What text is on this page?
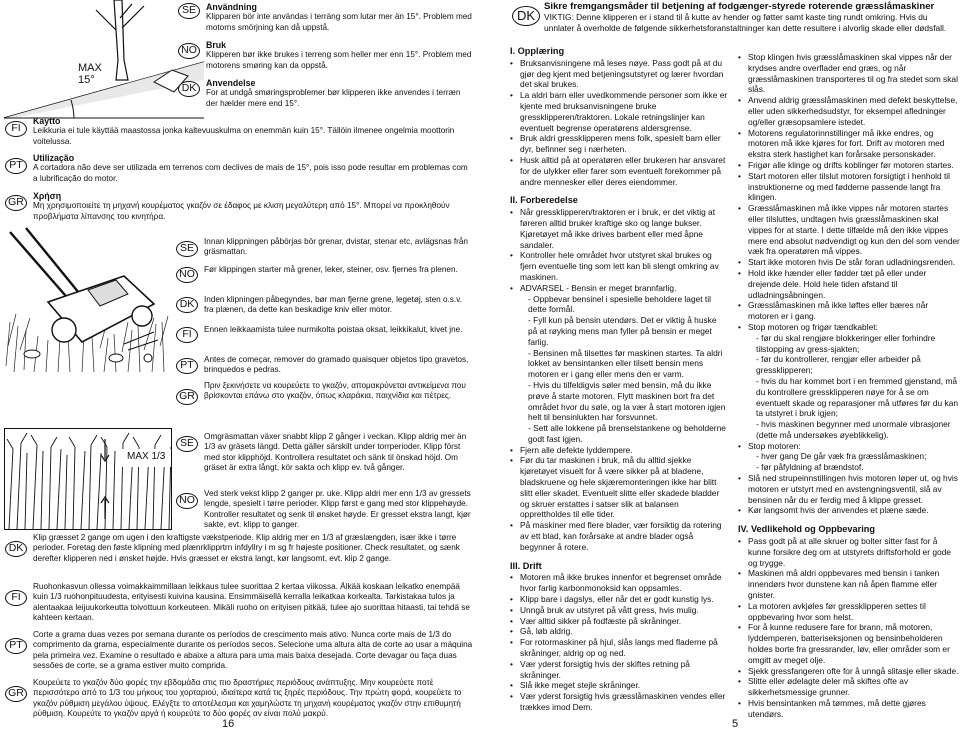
MAX
15°
SE	Användning
Klipparen bör inte användas i terräng som lutar mer än 15°. Problem med motorns smörjning kan då uppstå.
NO	Bruk
Klipperen bør ikke brukes i terreng som heller mer enn 15°. Problem med motorens smøring kan da oppstå.
DK	Anvendelse
For at undgå smøringsproblemer bør klipperen ikke anvendes i terræn der hælder mere end 15°.
FI
Käyttö
Leikkuria ei tule käyttää maastossa jonka kaltevuuskulma on enemmän kuin 15°. Tällöin ilmenee ongelmia moottorin voitelussa.
PT
Utilização
A cortadora não deve ser utilizada em terrenos com declives de mais de 15°, pois isso pode resultar em problemas com a lubrificação do motor.
GR	Χρήση
Μη χρησιμοποιείτε τη μηχανή κουρέματος γκαζόν σε έδαφος με κλιση μεγαλύτερη από 15°. Μπορεί να προκληθούν προβλήματα λίπανσης του κινητήρα.
SE
Innan klippningen påbörjas bör grenar, dvistar, stenar etc, avlägsnas från gräsmattan.
NO	Før klippingen starter må grener, leker, steiner, osv. fjernes fra plenen.
DK	Inden klipningen påbegyndes, bør man fjerne grene, legetøj, sten o.s.v. fra plænen, da dette kan beskadige kniv eller motor.
FI	Ennen leikkaamista tulee nurmikolta poistaa oksat, leikkikalut, kivet jne.
PT	Antes de começar, remover do gramado quaisquer objetos tipo gravetos, brinquedos e pedras.
GR
Πριν ξεκινήσετε να κουρεύετε το γκαζόν, απομακρύνεται αντικείμενα που βρίσκονται επάνω στο γκαζόν, όπως κλαράκια, παιχνίδια και πέτρες.
MAX 1/3
SE
Omgräsmattan växer snabbt klipp 2 gånger i veckan. Klipp aldrig mer än 1/3 av gräsets längd. Detta gäller särskilt under torrperioder. Klipp först med stor klipphöjd. Kontrollera resultatet och sänk til önskad höjd. Om gräset är extra långt, kör sakta och klipp ev. två gånger.
NO
Ved sterk vekst klipp 2 ganger pr. uke. Klipp aldri mer enn 1/3 av gressets lengde, spesielt i tørre perioder. Klipp først e gang med stor klippehøyde. Kontroller resultatet og senk til ønsket høyde. Er gresset ekstra langt, kjør sakte, evt. klipp to ganger.
DK
Klip græsset 2 gange om ugen i den kraftigste vækstperiode. Klip aldrig mer en 1/3 af græslængden, især ikke i tørre perioder. Foretag den føste klipning med plænrklipprtrn infdyllry i m sg fr højeste positioner. Check resultatet, og sænk derefter klipperen ned i ønsket højde. Hvis græsset er ekstra langt, kør langsomt, evt. klip 2 gange.
FI
Ruohonkasvun ollessa voimakkaimmillaan leikkaus tulee suorittaa 2 kertaa viikossa. Älkää koskaan leikatko enempää kuin 1/3 ruohonpituudesta, erityisesti kuivina kausina. Ensimmäisellä kerralla leikatkaa korkealta. Tarkistakaa tulos ja alentaakaa leijuukorkeutta toivottuun korkeuteen. Mikäli ruoho on erityisen pitkää, tulee ajo suorittaa hitaasti, tai tehdä se kahteen kertaan.
PT
Corte a grama duas vezes por semana durante os períodos de crescimento mais ativo. Nunca corte mais de 1/3 do comprimento da grama, especialmente durante os períodos secos. Selecione uma altura alta de corte ao usar a máquina pela primeira vez. Examine o resultado e abaixe a altura para uma mais baixa desejada. Corte devagar ou faça duas sessões de corte, se a grama estiver muito comprida.
GR
Κουρεύετε το γκαζόν δύο φορές την εβδομάδα στις πιο δραστήριες περιόδους ανάπτυξης. Μην κουρεύετε ποτέ περισσότερο από το 1/3 του μήκους του χορταριού, ιδιαίτερα κατά τις ξηρές περιόδους. Την πρώτη φορά, κουρεύετε το γκαζόν ρύθμιση μεγάλου ύψους. Ελέγξτε το αποτέλεσμα και χαμηλώστε τη μηχανή κουρέματος γκαζόν στην επιθυμητή ρύθμιση. Κουρεύτε το γκαζόν αργά ή κουρεύτε το δύο φορές αν είναι πολύ μακρύ.
16
DK
Sikre fremgangsmåder til betjening af fodgænger-styrede roterende græsslåmaskiner
VIKTIG: Denne klipperen er i stand til å kutte av hender og føtter samt kaste ting rundt omkring. Hvis du unnlater å overholde de følgende sikkerhetsforanstaltninger kan dette resultere i alvorlig skade eller dødsfall.
I. Opplæring
• Bruksanvisningene må leses nøye. Pass godt på at du gjør deg kjent med betjeningsutstyret og lærer hvordan det skal brukes.
• La aldri barn eller uvedkommende personer som ikke er kjente med bruksanvisningene bruke gressklipperen/traktoren. Lokale retningslinjer kan eventuelt begrense operatørens aldersgrense.
• Bruk aldri gressklipperen mens folk, spesielt barn eller dyr, befinner seg i nærheten.
• Husk alltid på at operatøren eller brukeren har ansvaret for de ulykker eller farer som eventuelt forekommer på andre mennesker eller deres eiendommer.
II. Forberedelse
• Når gressklipperen/traktoren er i bruk, er det viktig at føreren alltid bruker kraftige sko og lange bukser. Kjøretøyet må ikke drives barbent eller med åpne sandaler.
• Kontroller hele området hvor utstyret skal brukes og fjern eventuelle ting som lett kan bli slengt omkring av maskinen.
• ADVARSEL - Bensin er meget brannfarlig.
- Oppbevar bensinel i spesielle beholdere laget til dette formål.
- Fyll kun på bensin utendørs. Det er viktig å huske på at røyking mens man fyller på bensin er meget farlig.
- Bensinen må tilsettes før maskinen startes. Ta aldri lokket av bensintanken eller tilsett bensin mens motoren er i gang eller mens den er varm.
- Hvis du tilfeldigvis søler med bensin, må du ikke prøve å starte motoren. Flytt maskinen bort fra det området hvor du søle, og la vær å start motoren igjen helt til bensinlukten har forsvunnet.
- Sett alle lokkene på brenselstankene og beholderne godt fast igjen.
• Fjern alle defekte lyddempere.
• Før du tar maskinen i bruk, må du alltid sjekke kjøretøyet visuelt for å være sikker på at bladene, bladskruene og hele skjæremonteringen ikke har blitt slitt eller skadet. Eventuelt slitte eller skadede bladder og skruer erstattes i satser slik at balansen opprettholdes til elle tider.
• På maskiner med flere blader, vær forsiktig da rotering av ett blad, kan forårsake at andre blader også begynner å rotere.
III. Drift
• Motoren må ikke brukes innenfor et begrenset område hvor farlig karbonmonoksid kan oppsamles.
• Klipp bare i dagslys, eller når det er godt kunstig lys.
• Unngå bruk av utstyret på vått gress, hvis mulig.
• Vær alltid sikker på fodfæste på skråninger.
• Gå, løb aldrig.
• For rotormaskiner på hjul, slås langs med fladerne på skråninger, aldrig op og ned.
• Vær yderst forsigtig hvis der skiftes retning på skråninger.
• Slå ikke meget stejle skråninger.
• Vær yderst forsigtig hvis græsslåmaskinen vendes eller trækkes imod Dem.
• Stop klingen hvis græsslåmaskinen skal vippes når der krydses andre overflader end græs, og når græsslåmaskinen transporteres til og fra stedet som skal slås.
• Anvend aldrig græsslåmaskinen med defekt beskyttelse, eller uden sikkerhedsudstyr, for eksempel afledninger og/eller græsopsamlere istedet.
• Motorens regulatorinnstillinger må ikke endres, og motoren må ikke kjøres for fort. Drift av motoren med ekstra sterk hastighet kan forårsake personskader.
• Frigør alle klinge og drifts koblinger før motoren startes.
• Start motoren eller tilslut motoren forsigtigt i henhold til instruktionerne og med fødderne passende langt fra klingen.
• Græsslåmaskinen må ikke vippes når motoren startes eller tilsluttes, undtagen hvis græsslåmaskinen skal vippes for at starte. I dette tilfælde må den ikke vippes mere end absolut nødvendigt og kun den del som vender væk fra operatøren må vippes.
• Start ikke motoren hvis De står foran udladningsrenden.
• Hold ikke hænder eller fødder tæt på eller under drejende dele. Hold hele tiden afstand til udladningsåbningen.
• Græsslåmaskinen må ikke løftes eller bæres når motoren er i gang.
• Stop motoren og frigør tændkablet:
- før du skal rengjøre blokkeringer eller forhindre tilstopping av gress-sjakten;
- før du kontrollerer, rengjør eller arbeider på gressklipperen;
- hvis du har kommet bort i en fremmed gjenstand, må du kontrollere gressklipperen nøye for å se om eventuelt skade og reparasjoner må utføres før du kan ta utstyret i bruk igjen;
- hvis maskinen begynner med unormale vibrasjoner (dette må undersøkes øyeblikkelig).
• Stop motoren:
- hver gang De går væk fra græsslåmaskinen;
- før påfyldning af brændstof.
• Slå ned strupeinnstillingen hvis motoren løper ut, og hvis motoren er utstyrt med en avstengningsventil, slå av bensinen når du er ferdig med å klippe gresset.
• Kør langsomt hvis der anvendes et plæne sæde.
IV. Vedlikehold og Oppbevaring
• Pass godt på at alle skruer og bolter sitter fast for å kunne forsikre deg om at utstyrets driftsforhold er gode og trygge.
• Maskinen må aldri oppbevares med bensin i tanken innendørs hvor dunstene kan nå åpen flamme eller gnister.
• La motoren avkjøles før gressklipperen settes til oppbevaring hvor som helst.
• For å kunne redusere fare for brann, må motoren, lyddemperen, batteriseksjonen og bensinbeholderen holdes borte fra gressrander, løv, eller områder som er omgitt av meget olje.
• Sjekk gressfangeren ofte for å unngå slitasje eller skade.
• Slitte eller ødelagte deler må skiftes ofte av sikkerhetsmessige grunner.
• Hvis bensintanken må tømmes, må dette gjøres utendørs.
5
